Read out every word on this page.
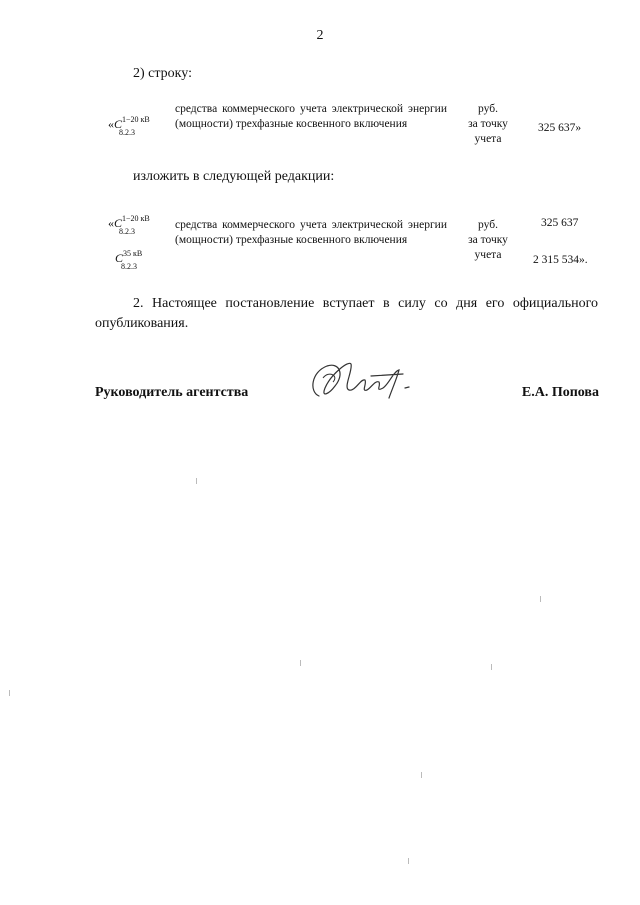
2
2) строку:
«$C^{1-20 кВ}$
8.2.3
средства коммерческого учета электрической энергии (мощности) трехфазные косвенного включения
руб.
за точку
учета
325 637»
изложить в следующей редакции:
«$C^{1-20 кВ}$
8.2.3
$C^{35 кВ}$
8.2.3
средства коммерческого учета электрической энергии (мощности) трехфазные косвенного включения
руб.
за точку
учета
325 637
2 315 534».
2. Настоящее постановление вступает в силу со дня его официального опубликования.
Руководитель агентства	Е.А. Попова
